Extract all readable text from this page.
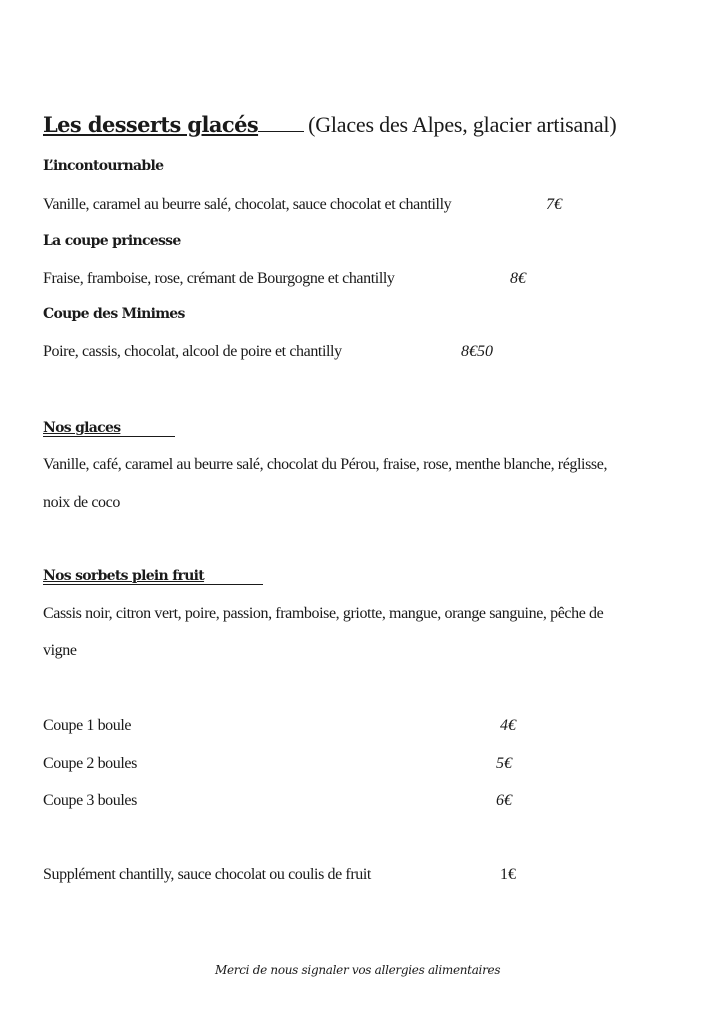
Les desserts glacés (Glaces des Alpes, glacier artisanal)
L’incontournable
Vanille, caramel au beurre salé, chocolat, sauce chocolat et chantilly	7€
La coupe princesse
Fraise, framboise, rose, crémant de Bourgogne et chantilly	8€
Coupe des Minimes
Poire, cassis, chocolat, alcool de poire et chantilly	8€50
Nos glaces
Vanille, café, caramel au beurre salé, chocolat du Pérou, fraise, rose, menthe blanche, réglisse,
noix de coco
Nos sorbets plein fruit
Cassis noir, citron vert, poire, passion, framboise, griotte, mangue, orange sanguine, pêche de
vigne
Coupe 1 boule	4€
Coupe 2 boules	5€
Coupe 3 boules	6€
Supplément chantilly, sauce chocolat ou coulis de fruit	1€
Merci de nous signaler vos allergies alimentaires
